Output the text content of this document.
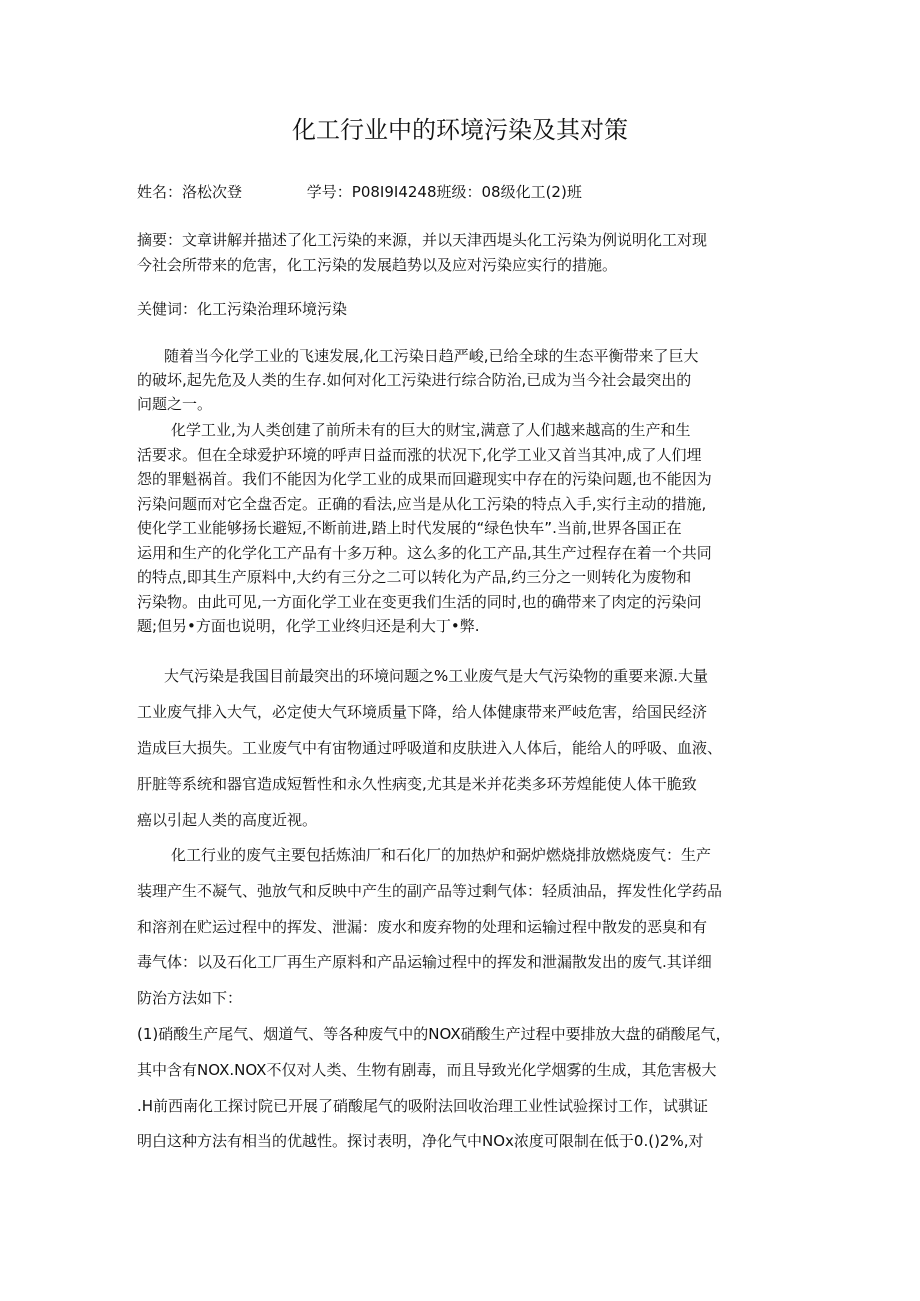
化工行业中的环境污染及其对策
姓名：洛松次登	学号：P08I9I4248班级：08级化工(2)班
摘要：文章讲解并描述了化工污染的来源，并以天津西堤头化工污染为例说明化工对现
今社会所带来的危害，化工污染的发展趋势以及应对污染应实行的措施。
关健词：化工污染治理环境污染
随着当今化学工业的飞速发展,化工污染日趋严峻,已给全球的生态平衡带来了巨大
的破坏,起先危及人类的生存.如何对化工污染进行综合防治,已成为当今社会最突出的
问题之一。
化学工业,为人类创建了前所未有的巨大的财宝,满意了人们越来越高的生产和生
活要求。但在全球爱护环境的呼声日益而涨的状况下,化学工业又首当其冲,成了人们埋
怨的罪魁祸首。我们不能因为化学工业的成果而回避现实中存在的污染问题,也不能因为
污染问题而对它全盘否定。正确的看法,应当是从化工污染的特点入手,实行主动的措施,
使化学工业能够扬长避短,不断前进,踏上时代发展的“绿色快车”.当前,世界各国正在
运用和生产的化学化工产品有十多万种。这么多的化工产品,其生产过程存在着一个共同
的特点,即其生产原料中,大约有三分之二可以转化为产品,约三分之一则转化为废物和
污染物。由此可见,一方面化学工业在变更我们生活的同时,也的确带来了肉定的污染问
题;但另•方面也说明，化学工业终归还是利大丁•弊.
大气污染是我国目前最突出的环境问题之%工业废气是大气污染物的重要来源.大量
工业废气排入大气，必定使大气环境质量下降，给人体健康带来严岐危害，给国民经济
造成巨大损失。工业废气中有宙物通过呼吸道和皮肤进入人体后，能给人的呼吸、血液、
肝脏等系统和器官造成短暂性和永久性病变,尤其是米并花类多环芳煌能使人体干脆致
癌以引起人类的高度近视。
化工行业的废气主要包括炼油厂和石化厂的加热炉和弼炉燃烧排放燃烧废气：生产
装理产生不凝气、弛放气和反映中产生的副产品等过剩气体：轻质油品，挥发性化学药品
和溶剂在贮运过程中的挥发、泄漏：废水和废弃物的处理和运输过程中散发的恶臭和有
毒气体：以及石化工厂再生产原料和产品运输过程中的挥发和泄漏散发出的废气.其详细
防治方法如下：
(1)硝酸生产尾气、烟道气、等各种废气中的NOX硝酸生产过程中要排放大盘的硝酸尾气，
其中含有NOX.NOX不仅对人类、生物有剧毒，而且导致光化学烟雾的生成，其危害极大
.H前西南化工探讨院已开展了硝酸尾气的吸附法回收治理工业性试验探讨工作，试骐证
明白这种方法有相当的优越性。探讨表明，净化气中NOx浓度可限制在低于0.()2%,对
